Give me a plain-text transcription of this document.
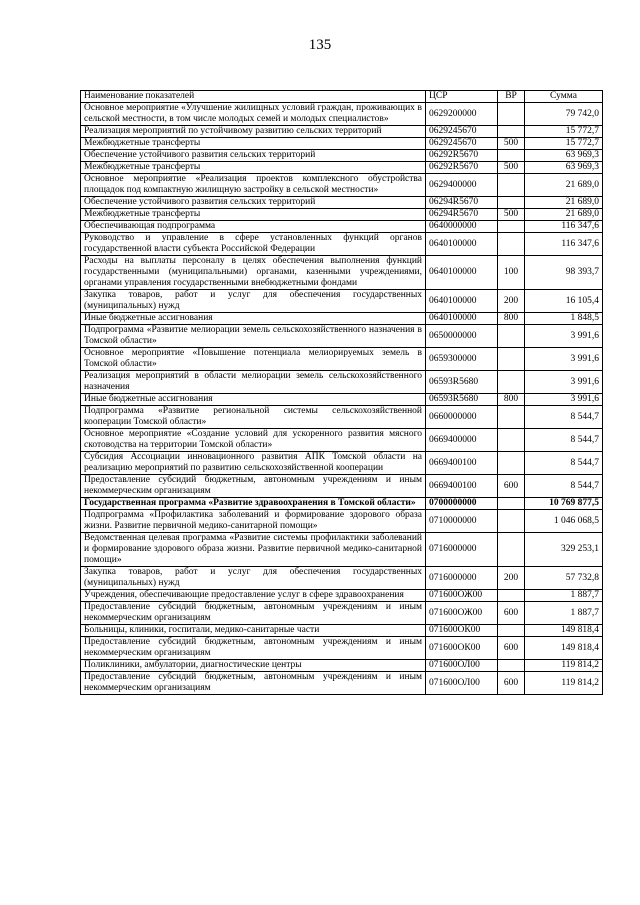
135
Наименование показателей	ЦСР	ВР	Сумма
Основное мероприятие «Улучшение жилищных условий граждан, проживающих в сельской местности, в том числе молодых семей и молодых специалистов»	0629200000		79 742,0
Реализация мероприятий по устойчивому развитию сельских территорий	0629245670		15 772,7
Межбюджетные трансферты	0629245670	500	15 772,7
Обеспечение устойчивого развития сельских территорий	06292R5670		63 969,3
Межбюджетные трансферты	06292R5670	500	63 969,3
Основное мероприятие «Реализация проектов комплексного обустройства площадок под компактную жилищную застройку в сельской местности»	0629400000		21 689,0
Обеспечение устойчивого развития сельских территорий	06294R5670		21 689,0
Межбюджетные трансферты	06294R5670	500	21 689,0
Обеспечивающая подпрограмма	0640000000		116 347,6
Руководство и управление в сфере установленных функций органов государственной власти субъекта Российской Федерации	0640100000		116 347,6
Расходы на выплаты персоналу в целях обеспечения выполнения функций государственными (муниципальными) органами, казенными учреждениями, органами управления государственными внебюджетными фондами	0640100000	100	98 393,7
Закупка товаров, работ и услуг для обеспечения государственных (муниципальных) нужд	0640100000	200	16 105,4
Иные бюджетные ассигнования	0640100000	800	1 848,5
Подпрограмма «Развитие мелиорации земель сельскохозяйственного назначения в Томской области»	0650000000		3 991,6
Основное мероприятие «Повышение потенциала мелиорируемых земель в Томской области»	0659300000		3 991,6
Реализация мероприятий в области мелиорации земель сельскохозяйственного назначения	06593R5680		3 991,6
Иные бюджетные ассигнования	06593R5680	800	3 991,6
Подпрограмма «Развитие региональной системы сельскохозяйственной кооперации Томской области»	0660000000		8 544,7
Основное мероприятие «Создание условий для ускоренного развития мясного скотоводства на территории Томской области»	0669400000		8 544,7
Субсидия Ассоциации инновационного развития АПК Томской области на реализацию мероприятий по развитию сельскохозяйственной кооперации	0669400100		8 544,7
Предоставление субсидий бюджетным, автономным учреждениям и иным некоммерческим организациям	0669400100	600	8 544,7
Государственная программа «Развитие здравоохранения в Томской области»	0700000000		10 769 877,5
Подпрограмма «Профилактика заболеваний и формирование здорового образа жизни. Развитие первичной медико-санитарной помощи»	0710000000		1 046 068,5
Ведомственная целевая программа «Развитие системы профилактики заболеваний и формирование здорового образа жизни. Развитие первичной медико-санитарной помощи»	0716000000		329 253,1
Закупка товаров, работ и услуг для обеспечения государственных (муниципальных) нужд	0716000000	200	57 732,8
Учреждения, обеспечивающие предоставление услуг в сфере здравоохранения	071600ОЖ00		1 887,7
Предоставление субсидий бюджетным, автономным учреждениям и иным некоммерческим организациям	071600ОЖ00	600	1 887,7
Больницы, клиники, госпитали, медико-санитарные части	071600ОК00		149 818,4
Предоставление субсидий бюджетным, автономным учреждениям и иным некоммерческим организациям	071600ОК00	600	149 818,4
Поликлиники, амбулатории, диагностические центры	071600ОЛ00		119 814,2
Предоставление субсидий бюджетным, автономным учреждениям и иным некоммерческим организациям	071600ОЛ00	600	119 814,2
